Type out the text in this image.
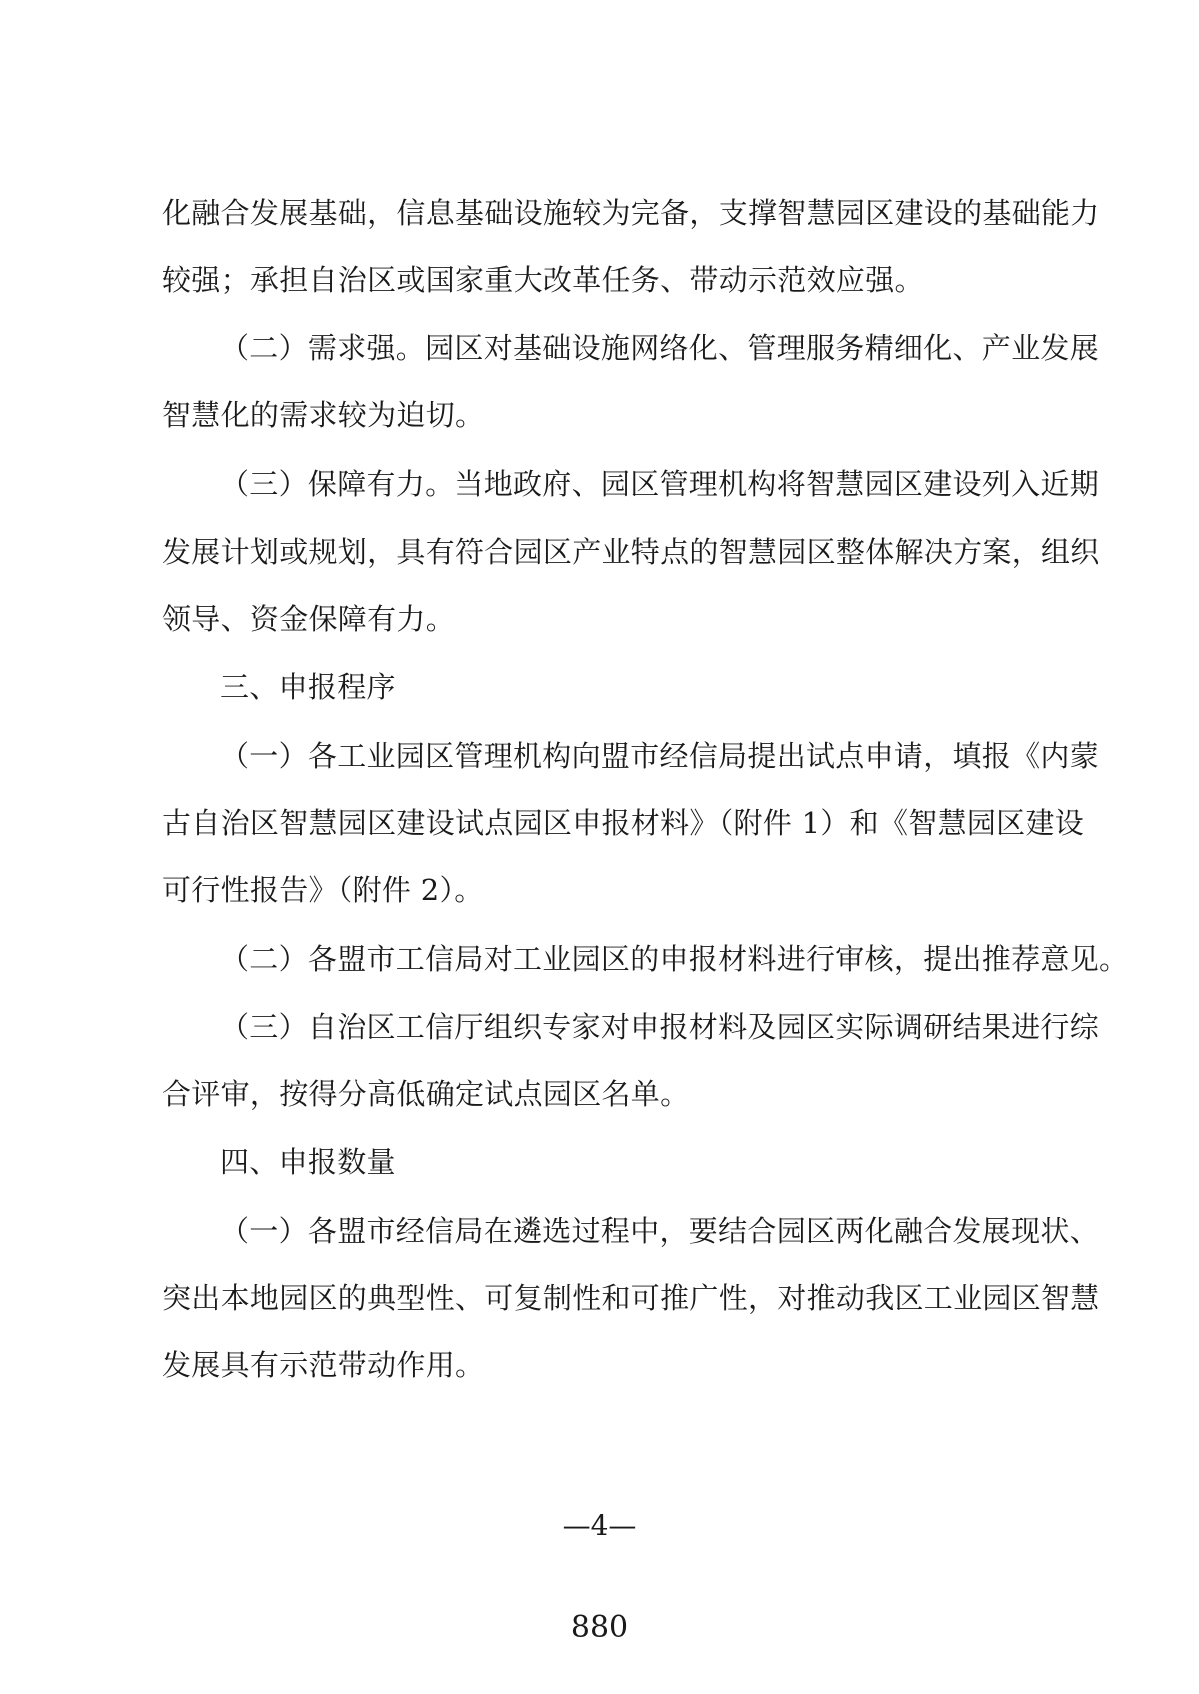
化融合发展基础，信息基础设施较为完备，支撑智慧园区建设的基础能力
较强；承担自治区或国家重大改革任务、带动示范效应强。
（二）需求强。园区对基础设施网络化、管理服务精细化、产业发展
智慧化的需求较为迫切。
（三）保障有力。当地政府、园区管理机构将智慧园区建设列入近期
发展计划或规划，具有符合园区产业特点的智慧园区整体解决方案，组织
领导、资金保障有力。
三、申报程序
（一）各工业园区管理机构向盟市经信局提出试点申请，填报《内蒙
古自治区智慧园区建设试点园区申报材料》（附件 1）和《智慧园区建设
可行性报告》（附件 2）。
（二）各盟市工信局对工业园区的申报材料进行审核，提出推荐意见。
（三）自治区工信厅组织专家对申报材料及园区实际调研结果进行综
合评审，按得分高低确定试点园区名单。
四、申报数量
（一）各盟市经信局在遴选过程中，要结合园区两化融合发展现状、
突出本地园区的典型性、可复制性和可推广性，对推动我区工业园区智慧
发展具有示范带动作用。
—4—
880
